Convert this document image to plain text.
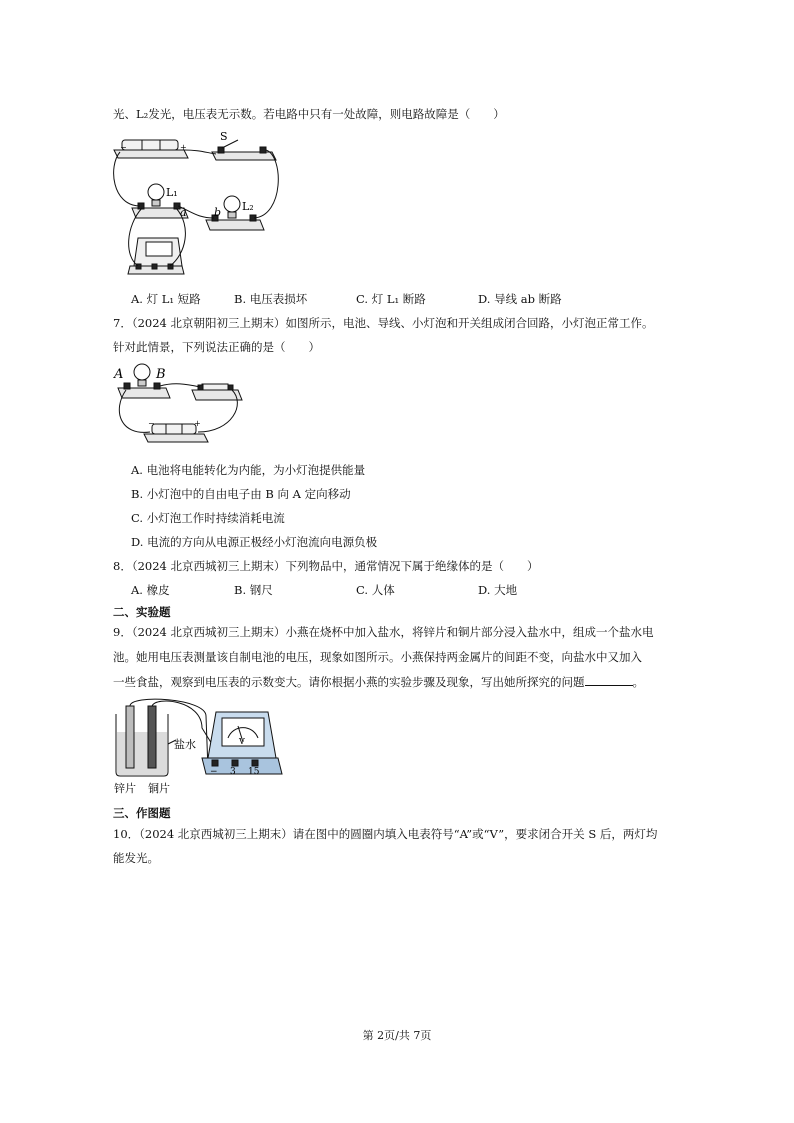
光、L₂发光，电压表无示数。若电路中只有一处故障，则电路故障是（　　）
−	+
S
L₁
L₂
a b
A. 灯 L₁ 短路	B. 电压表损坏	C. 灯 L₁ 断路	D. 导线 ab 断路
7．（2024 北京朝阳初三上期末）如图所示，电池、导线、小灯泡和开关组成闭合回路，小灯泡正常工作。
针对此情景，下列说法正确的是（　　）
A	B
−	+
A. 电池将电能转化为内能，为小灯泡提供能量
B. 小灯泡中的自由电子由 B 向 A 定向移动
C. 小灯泡工作时持续消耗电流
D. 电流的方向从电源正极经小灯泡流向电源负极
8．（2024 北京西城初三上期末）下列物品中，通常情况下属于绝缘体的是（　　）
A. 橡皮	B. 钢尺	C. 人体	D. 大地
二、实验题
9．（2024 北京西城初三上期末）小燕在烧杯中加入盐水，将锌片和铜片部分浸入盐水中，组成一个盐水电
池。她用电压表测量该自制电池的电压，现象如图所示。小燕保持两金属片的间距不变，向盐水中又加入
一些食盐，观察到电压表的示数变大。请你根据小燕的实验步骤及现象，写出她所探究的问题	。
盐水
锌片 铜片
V
− 3 15
三、作图题
10．（2024 北京西城初三上期末）请在图中的圆圈内填入电表符号“A”或“V”，要求闭合开关 S 后，两灯均
能发光。
第 2页/共 7页
